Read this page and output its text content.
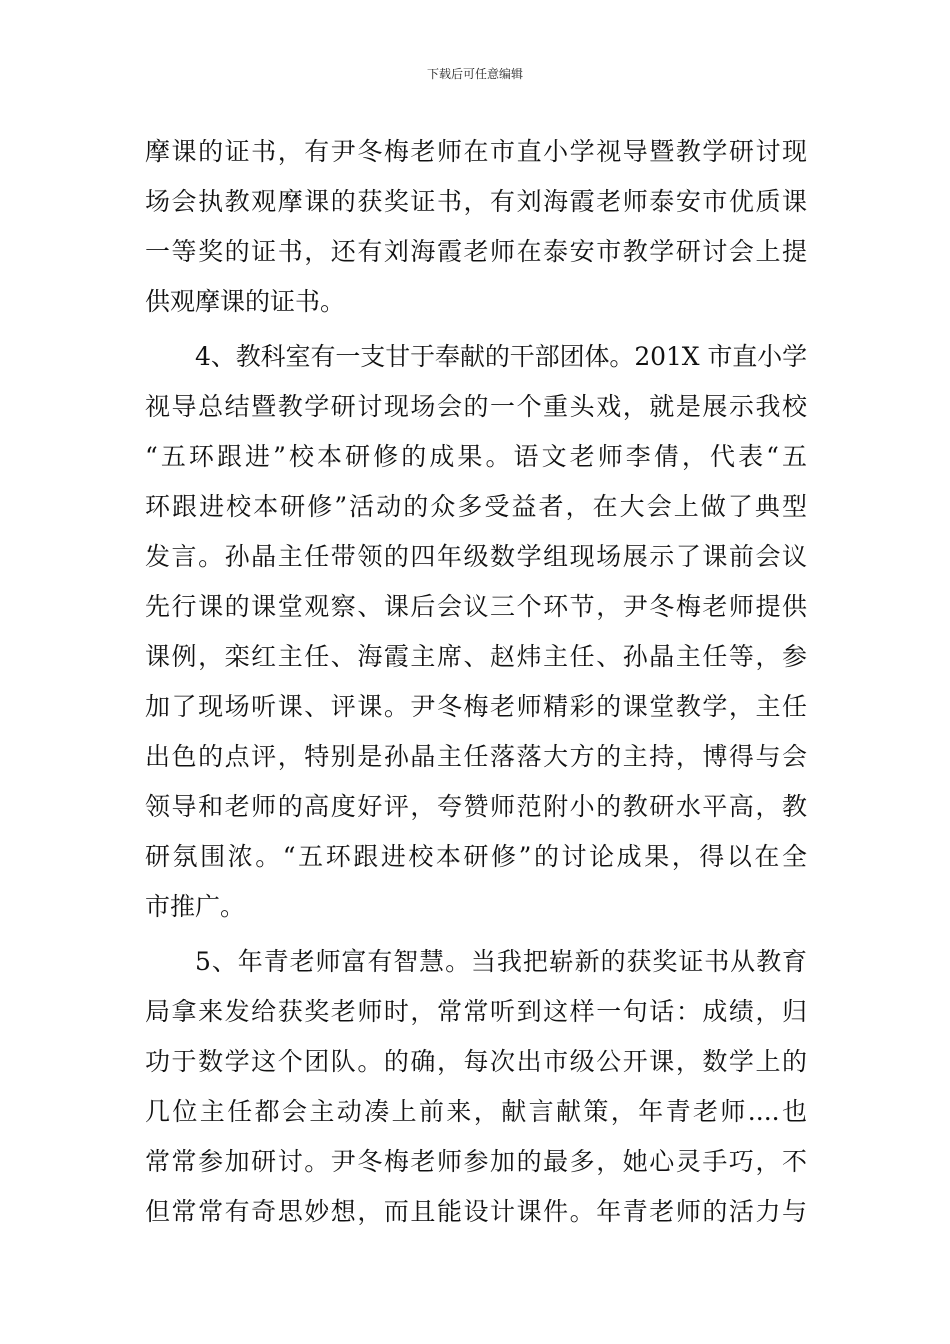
下载后可任意编辑
摩课的证书，有尹冬梅老师在市直小学视导暨教学研讨现
场会执教观摩课的获奖证书，有刘海霞老师泰安市优质课
一等奖的证书，还有刘海霞老师在泰安市教学研讨会上提
供观摩课的证书。
4、教科室有一支甘于奉献的干部团体。201X 市直小学
视导总结暨教学研讨现场会的一个重头戏，就是展示我校
“五环跟进”校本研修的成果。语文老师李倩，代表“五
环跟进校本研修”活动的众多受益者，在大会上做了典型
发言。孙晶主任带领的四年级数学组现场展示了课前会议
先行课的课堂观察、课后会议三个环节，尹冬梅老师提供
课例，栾红主任、海霞主席、赵炜主任、孙晶主任等，参
加了现场听课、评课。尹冬梅老师精彩的课堂教学，主任
出色的点评，特别是孙晶主任落落大方的主持，博得与会
领导和老师的高度好评，夸赞师范附小的教研水平高，教
研氛围浓。“五环跟进校本研修”的讨论成果，得以在全
市推广。
5、年青老师富有智慧。当我把崭新的获奖证书从教育
局拿来发给获奖老师时，常常听到这样一句话：成绩，归
功于数学这个团队。的确，每次出市级公开课，数学上的
几位主任都会主动凑上前来，献言献策，年青老师....也
常常参加研讨。尹冬梅老师参加的最多，她心灵手巧，不
但常常有奇思妙想，而且能设计课件。年青老师的活力与
